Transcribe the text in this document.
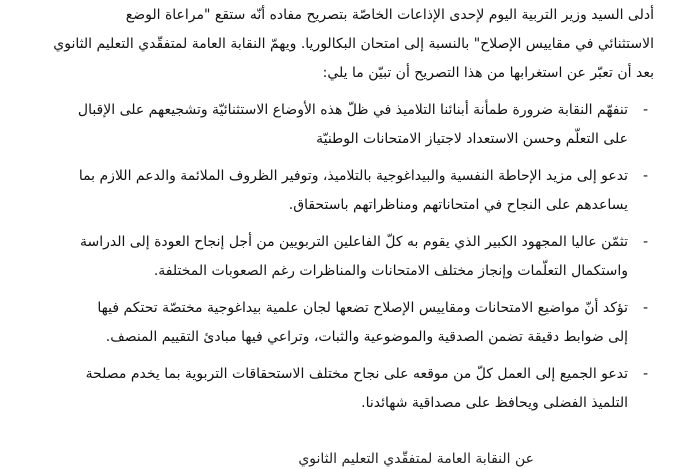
أدلى السيد وزير التربية اليوم لإحدى الإذاعات الخاصّة بتصريح مفاده أنّه ستقع "مراعاة الوضع

الاستثنائي في مقاييس الإصلاح" بالنسبة إلى امتحان البكالوريا. ويهمّ النقابة العامة لمتفقّدي التعليم الثانوي

بعد أن تعبّر عن استغرابها من هذا التصريح أن تبيّن ما يلي:

-
تنفهّم النقابة ضرورة طمأنة أبنائنا التلاميذ في ظلّ هذه الأوضاع الاستثنائيّة وتشجيعهم على الإقبال
على التعلّم وحسن الاستعداد لاجتياز الامتحانات الوطنيّة
-
تدعو إلى مزيد الإحاطة النفسية والبيداغوجية بالتلاميذ، وتوفير الظروف الملائمة والدعم اللازم بما
يساعدهم على النجاح في امتحاناتهم ومناظراتهم باستحقاق.
-
تثمّن عاليا المجهود الكبير الذي يقوم به كلّ الفاعلين التربويين من أجل إنجاح العودة إلى الدراسة
واستكمال التعلّمات وإنجاز مختلف الامتحانات والمناظرات رغم الصعوبات المختلفة.
-
تؤكد أنّ مواضيع الامتحانات ومقاييس الإصلاح تضعها لجان علمية بيداغوجية مختصّة تحتكم فيها
إلى ضوابط دقيقة تضمن الصدقية والموضوعية والثبات، وتراعي فيها مبادئ التقييم المنصف.
-
تدعو الجميع إلى العمل كلّ من موقعه على نجاح مختلف الاستحقاقات التربوية بما يخدم مصلحة
التلميذ الفضلى ويحافظ على مصداقية شهائدنا.
عن النقابة العامة لمتفقّدي التعليم الثانوي
